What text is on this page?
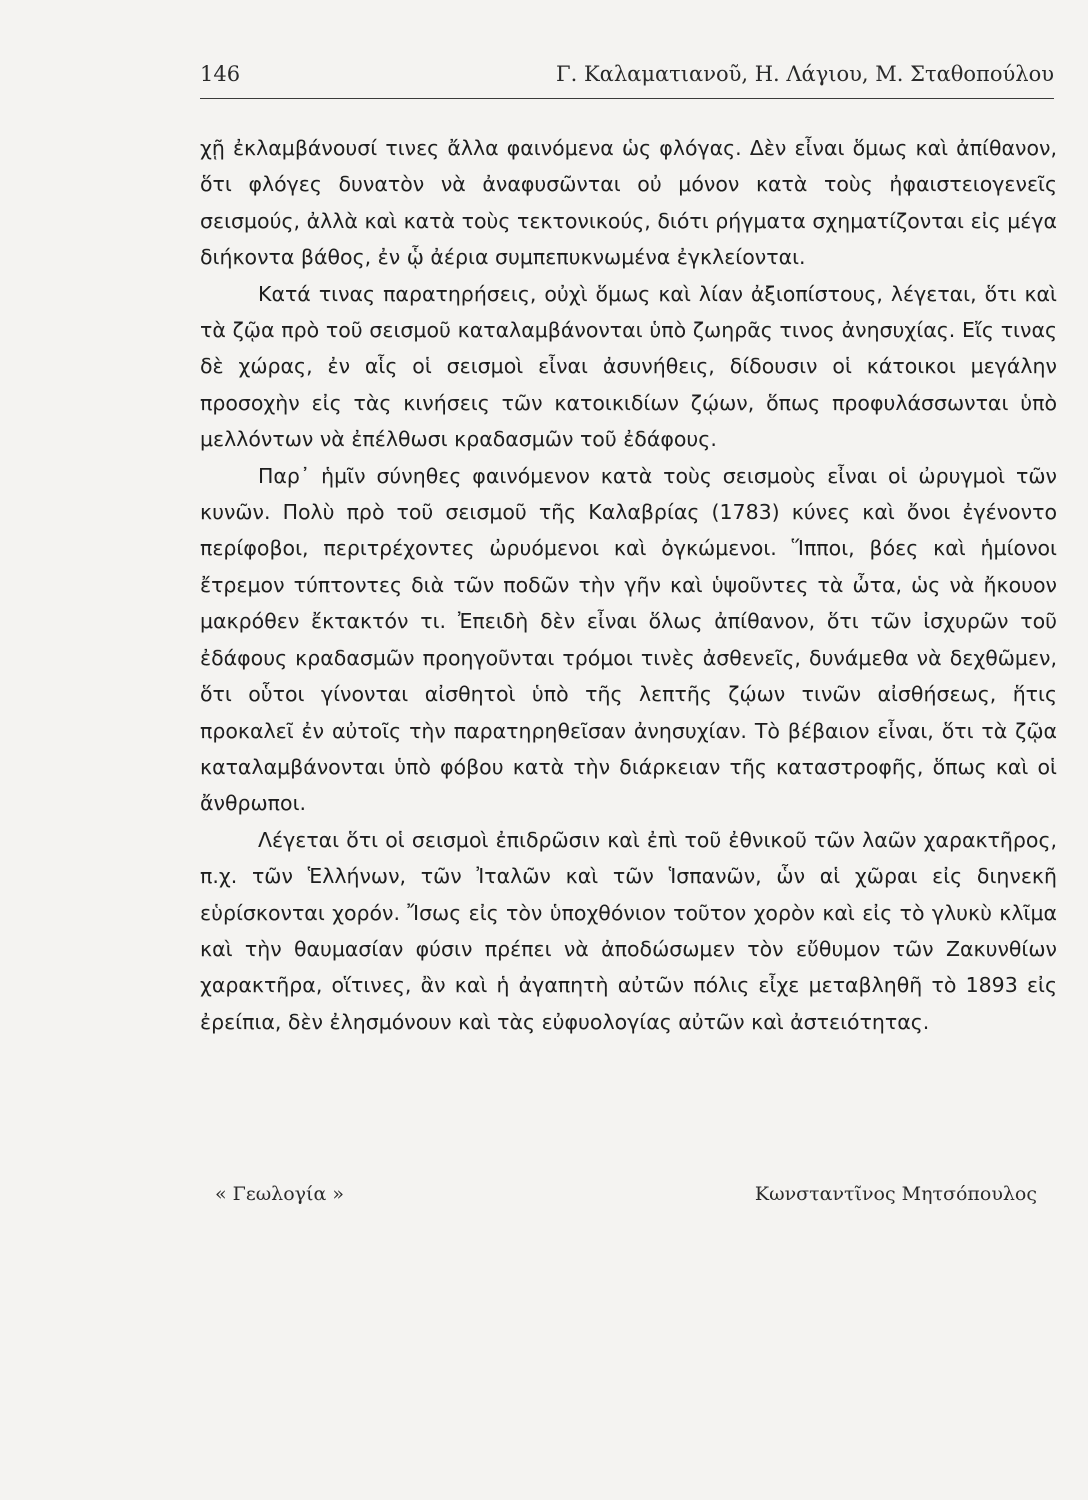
146	Γ. Καλαματιανοῦ, Η. Λάγιου, Μ. Σταθοπούλου

χῇ ἐκλαμβάνουσί τινες ἄλλα φαινόμενα ὡς φλόγας. Δὲν εἶναι ὅμως καὶ ἀπίθανον, ὅτι φλόγες δυνατὸν νὰ ἀναφυσῶνται οὐ μόνον κατὰ τοὺς ἠφαιστειογενεῖς σεισμούς, ἀλλὰ καὶ κατὰ τοὺς τεκτονικούς, διότι ρήγματα σχηματίζονται εἰς μέγα διήκοντα βάθος, ἐν ᾧ ἀέρια συμπεπυκνωμένα ἐγκλείονται.

Κατά τινας παρατηρήσεις, οὐχὶ ὅμως καὶ λίαν ἀξιοπίστους, λέγεται, ὅτι καὶ τὰ ζῷα πρὸ τοῦ σεισμοῦ καταλαμβάνονται ὑπὸ ζωηρᾶς τινος ἀνησυχίας. Εἴς τινας δὲ χώρας, ἐν αἷς οἱ σεισμοὶ εἶναι ἀσυνήθεις, δίδουσιν οἱ κάτοικοι μεγάλην προσοχὴν εἰς τὰς κινήσεις τῶν κατοικιδίων ζῴων, ὅπως προφυλάσσωνται ὑπὸ μελλόντων νὰ ἐπέλθωσι κραδασμῶν τοῦ ἐδάφους.

Παρ᾽ ἡμῖν σύνηθες φαινόμενον κατὰ τοὺς σεισμοὺς εἶναι οἱ ὠρυγμοὶ τῶν κυνῶν. Πολὺ πρὸ τοῦ σεισμοῦ τῆς Καλαβρίας (1783) κύνες καὶ ὄνοι ἐγένοντο περίφοβοι, περιτρέχοντες ὠρυόμενοι καὶ ὀγκώμενοι. Ἵπποι, βόες καὶ ἡμίονοι ἔτρεμον τύπτοντες διὰ τῶν ποδῶν τὴν γῆν καὶ ὑψοῦντες τὰ ὦτα, ὡς νὰ ἤκουον μακρόθεν ἔκτακτόν τι. Ἐπειδὴ δὲν εἶναι ὅλως ἀπίθανον, ὅτι τῶν ἰσχυρῶν τοῦ ἐδάφους κραδασμῶν προηγοῦνται τρόμοι τινὲς ἀσθενεῖς, δυνάμεθα νὰ δεχθῶμεν, ὅτι οὗτοι γίνονται αἰσθητοὶ ὑπὸ τῆς λεπτῆς ζῴων τινῶν αἰσθήσεως, ἥτις προκαλεῖ ἐν αὐτοῖς τὴν παρατηρηθεῖσαν ἀνησυχίαν. Τὸ βέβαιον εἶναι, ὅτι τὰ ζῷα καταλαμβάνονται ὑπὸ φόβου κατὰ τὴν διάρκειαν τῆς καταστροφῆς, ὅπως καὶ οἱ ἄνθρωποι.

Λέγεται ὅτι οἱ σεισμοὶ ἐπιδρῶσιν καὶ ἐπὶ τοῦ ἐθνικοῦ τῶν λαῶν χαρακτῆρος, π.χ. τῶν Ἑλλήνων, τῶν Ἰταλῶν καὶ τῶν Ἱσπανῶν, ὧν αἱ χῶραι εἰς διηνεκῆ εὑρίσκονται χορόν. Ἴσως εἰς τὸν ὑποχθόνιον τοῦτον χορὸν καὶ εἰς τὸ γλυκὺ κλῖμα καὶ τὴν θαυμασίαν φύσιν πρέπει νὰ ἀποδώσωμεν τὸν εὔθυμον τῶν Ζακυνθίων χαρακτῆρα, οἵτινες, ἂν καὶ ἡ ἀγαπητὴ αὐτῶν πόλις εἶχε μεταβληθῆ τὸ 1893 εἰς ἐρείπια, δὲν ἐλησμόνουν καὶ τὰς εὐφυολογίας αὐτῶν καὶ ἀστειότητας.

« Γεωλογία »	Κωνσταντῖνος Μητσόπουλος
